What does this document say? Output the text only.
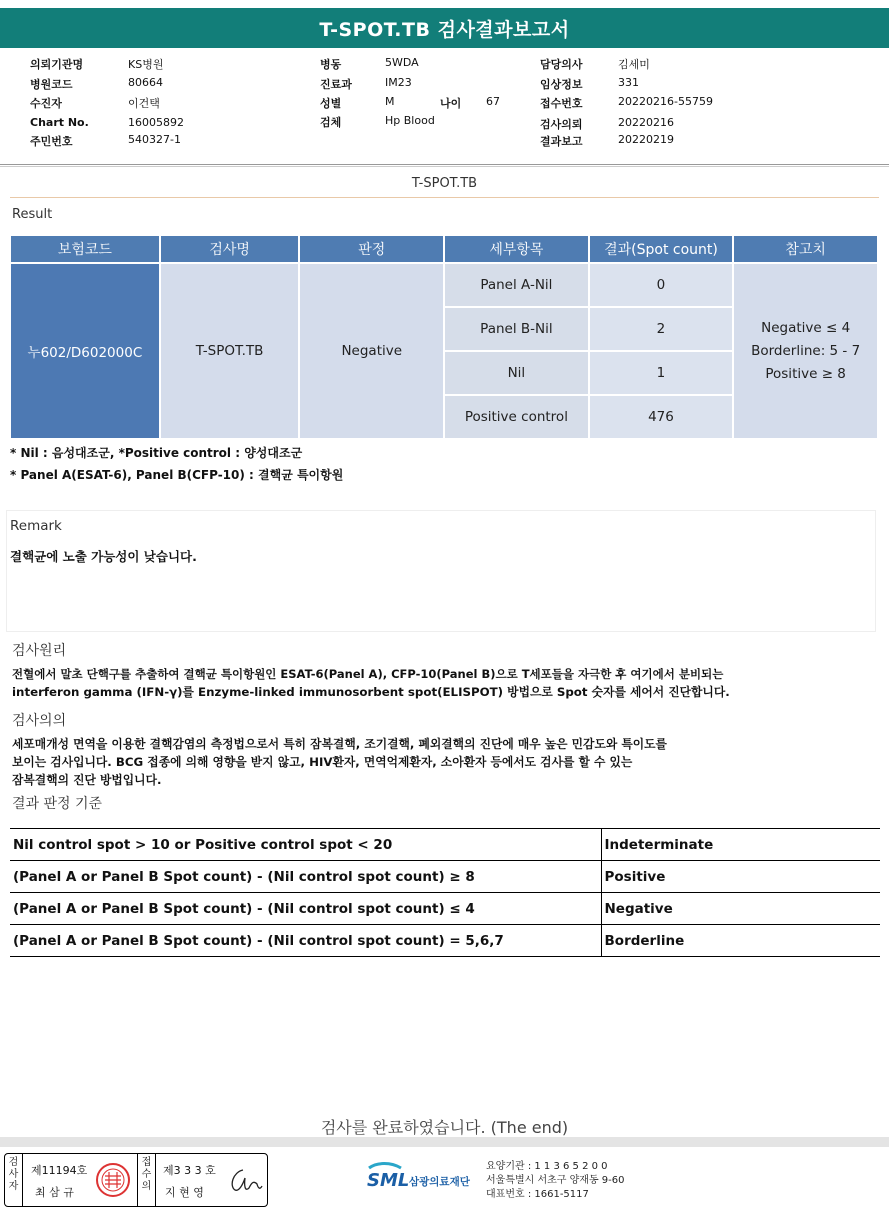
T-SPOT.TB 검사결과보고서
의뢰기관명	KS병원
병원코드	80664
수진자	이건택
Chart No.	16005892
주민번호	540327-1
병동	5WDA
진료과	IM23
성별	M	나이 67
검체	Hp Blood
담당의사	김세미
임상정보	331
접수번호	20220216-55759
검사의뢰	20220216
결과보고	20220219
T-SPOT.TB
Result
보험코드	검사명	판정	세부항목	결과(Spot count)	참고치
누602/D602000C	T-SPOT.TB	Negative	Panel A-Nil	0	Negative ≤ 4
Borderline: 5 - 7
Positive ≥ 8

			Panel B-Nil	2	
			Nil	1	
			Positive control	476	
* Nil : 음성대조군, *Positive control : 양성대조군
* Panel A(ESAT-6), Panel B(CFP-10) : 결핵균 특이항원
Remark
결핵균에 노출 가능성이 낮습니다.
검사원리
전혈에서 말초 단핵구를 추출하여 결핵균 특이항원인 ESAT-6(Panel A), CFP-10(Panel B)으로 T세포들을 자극한 후 여기에서 분비되는
interferon gamma (IFN-γ)를 Enzyme-linked immunosorbent spot(ELISPOT) 방법으로 Spot 숫자를 세어서 진단합니다.
검사의의
세포매개성 면역을 이용한 결핵감염의 측정법으로서 특히 잠복결핵, 조기결핵, 폐외결핵의 진단에 매우 높은 민감도와 특이도를
보이는 검사입니다. BCG 접종에 의해 영향을 받지 않고, HIV환자, 면역억제환자, 소아환자 등에서도 검사를 할 수 있는
잠복결핵의 진단 방법입니다.
결과 판정 기준
Nil control spot > 10 or Positive control spot < 20	Indeterminate
(Panel A or Panel B Spot count) - (Nil control spot count) ≥ 8	Positive
(Panel A or Panel B Spot count) - (Nil control spot count) ≤ 4	Negative
(Panel A or Panel B Spot count) - (Nil control spot count) = 5,6,7	Borderline
검사를 완료하였습니다. (The end)
검사자
제11194호
최 삼 규
접수의
제3 3 3 호
지 현 영
SML 삼광의료재단
요양기관 : 1 1 3 6 5 2 0 0
서울특별시 서초구 양재동 9-60
대표번호 : 1661-5117
